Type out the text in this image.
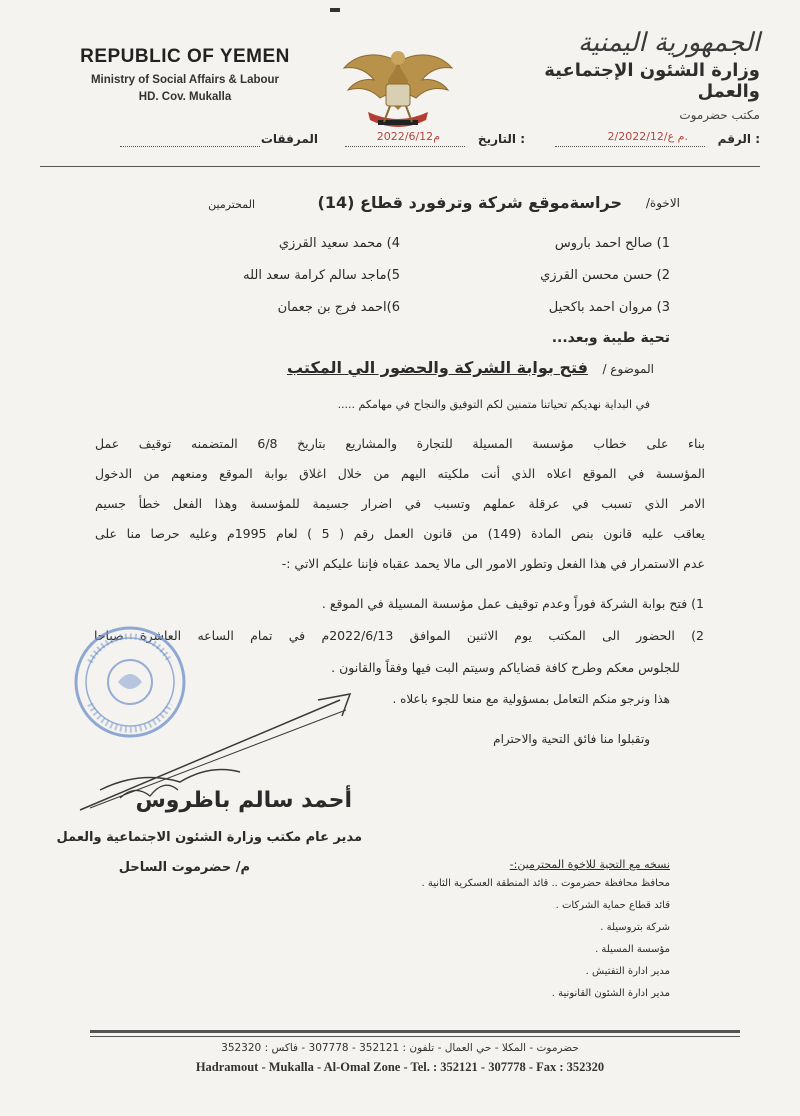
REPUBLIC OF YEMEN
Ministry of Social Affairs & Labour
HD. Cov. Mukalla
الجمهورية اليمنية
وزارة الشئون الإجتماعية والعمل
مكتب حضرموت
الرقم :
2/2022/12/م ع.
التاريخ :
2022/6/12م
المرفقات
الاخوة/
حراسةموقع شركة وترفورد قطاع (14)
المحترمين
1) صالح احمد باروس
4) محمد سعيد القرزي
2) حسن محسن القرزي
5)ماجد سالم كرامة سعد الله
3) مروان احمد باكحيل
6)احمد فرج بن جعمان
تحية طيبة وبعد...
الموضوع /
فتح بوابة الشركة والحضور الي المكتب
في البداية نهديكم تحياتنا متمنين لكم التوفيق والنجاح في مهامكم .....
بناء على خطاب مؤسسة المسيلة للتجارة والمشاريع بتاريخ 6/8 المتضمنه توقيف عمل
المؤسسة في الموقع اعلاه الذي أنت ملكيته اليهم من خلال اغلاق بوابة الموقع ومنعهم من الدخول
الامر الذي تسبب في عرقلة عملهم وتسبب في اضرار جسيمة للمؤسسة وهذا الفعل خطأ جسيم
يعاقب عليه قانون بنص المادة (149) من قانون العمل رقم ( 5 ) لعام 1995م وعليه حرصا منا على
عدم الاستمرار في هذا الفعل وتطور الامور الى مالا يحمد عقباه فإننا عليكم الاتي :-
1) فتح بوابة الشركة فوراً وعدم توقيف عمل مؤسسة المسيلة في الموقع .
2) الحضور الى المكتب يوم الاثنين الموافق 2022/6/13م في تمام الساعه العاشرة صباحا
للجلوس معكم وطرح كافة قضاياكم وسيتم البت فيها وفقاً والقانون .
هذا ونرجو منكم التعامل بمسؤولية مع منعا للجوء باعلاه .
وتقبلوا منا فائق التحية والاحترام
أحمد سالم باظروس
مدير عام مكتب وزارة الشئون الاجتماعية والعمل
م/ حضرموت الساحل	نسخه مع التحية للاخوة المحترمين:-
محافظ محافظة حضرموت .. قائد المنطقة العسكرية الثانية .
قائد قطاع حماية الشركات .
شركة بتروسيلة .
مؤسسة المسيلة .
مدير ادارة التفتيش .
مدير ادارة الشئون القانونية .
حضرموت - المكلا - حي العمال - تلفون : 352121 - 307778 - فاكس : 352320
Hadramout - Mukalla - Al-Omal Zone - Tel. : 352121 - 307778 - Fax : 352320
